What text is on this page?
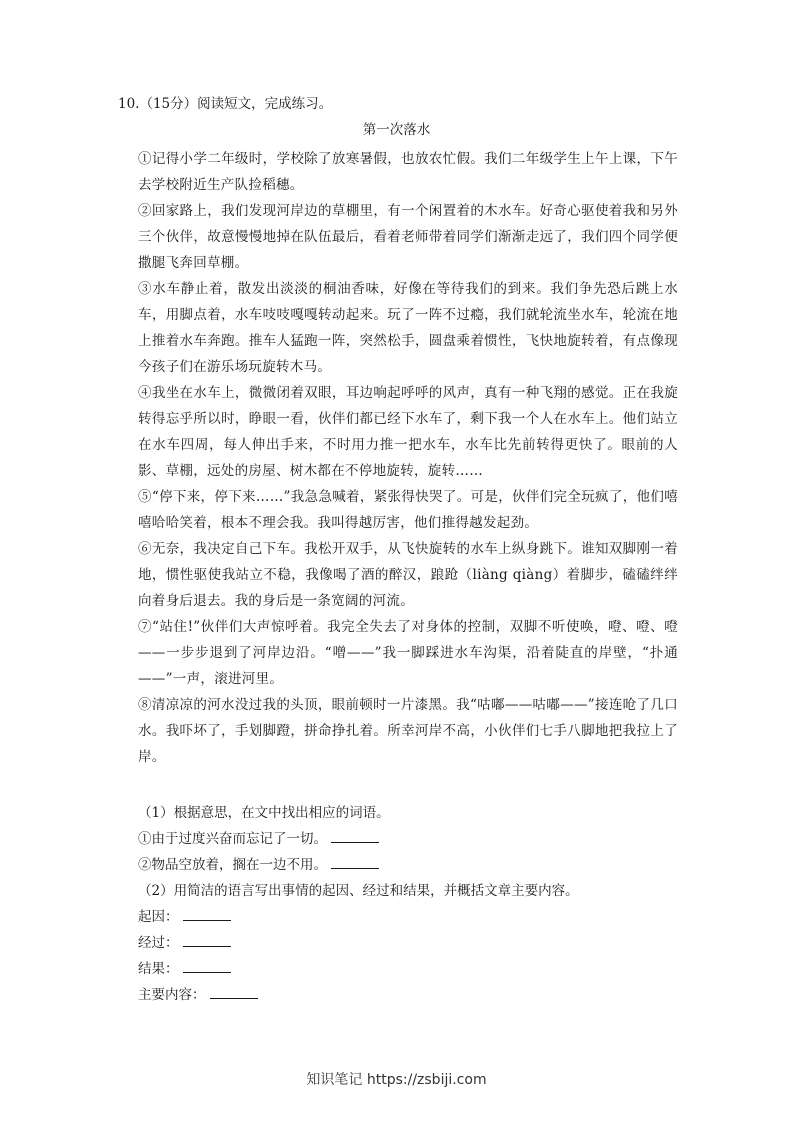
10.（15分）阅读短文，完成练习。
第一次落水

①记得小学二年级时，学校除了放寒暑假，也放农忙假。我们二年级学生上午上课，下午去学校附近生产队捡稻穗。

②回家路上，我们发现河岸边的草棚里，有一个闲置着的木水车。好奇心驱使着我和另外三个伙伴，故意慢慢地掉在队伍最后，看着老师带着同学们渐渐走远了，我们四个同学便撒腿飞奔回草棚。

③水车静止着，散发出淡淡的桐油香味，好像在等待我们的到来。我们争先恐后跳上水车，用脚点着，水车吱吱嘎嘎转动起来。玩了一阵不过瘾，我们就轮流坐水车，轮流在地上推着水车奔跑。推车人猛跑一阵，突然松手，圆盘乘着惯性，飞快地旋转着，有点像现今孩子们在游乐场玩旋转木马。

④我坐在水车上，微微闭着双眼，耳边响起呼呼的风声，真有一种飞翔的感觉。正在我旋转得忘乎所以时，睁眼一看，伙伴们都已经下水车了，剩下我一个人在水车上。他们站立在水车四周，每人伸出手来，不时用力推一把水车，水车比先前转得更快了。眼前的人影、草棚，远处的房屋、树木都在不停地旋转，旋转……

⑤“停下来，停下来……”我急急喊着，紧张得快哭了。可是，伙伴们完全玩疯了，他们嘻嘻哈哈笑着，根本不理会我。我叫得越厉害，他们推得越发起劲。

⑥无奈，我决定自己下车。我松开双手，从飞快旋转的水车上纵身跳下。谁知双脚刚一着地，惯性驱使我站立不稳，我像喝了酒的醉汉，踉跄（liàng qiàng）着脚步，磕磕绊绊向着身后退去。我的身后是一条宽阔的河流。

⑦“站住!”伙伴们大声惊呼着。我完全失去了对身体的控制，双脚不听使唤，噔、噔、噔——一步步退到了河岸边沿。“噌——”我一脚踩进水车沟渠，沿着陡直的岸壁，“扑通——”一声，滚进河里。

⑧清凉凉的河水没过我的头顶，眼前顿时一片漆黑。我“咕嘟——咕嘟——”接连呛了几口水。我吓坏了，手划脚蹬，拼命挣扎着。所幸河岸不高，小伙伴们七手八脚地把我拉上了岸。

（1）根据意思，在文中找出相应的词语。
①由于过度兴奋而忘记了一切。
②物品空放着，搁在一边不用。
（2）用简洁的语言写出事情的起因、经过和结果，并概括文章主要内容。
起因：
经过：
结果：
主要内容：
知识笔记 https://zsbiji.com
